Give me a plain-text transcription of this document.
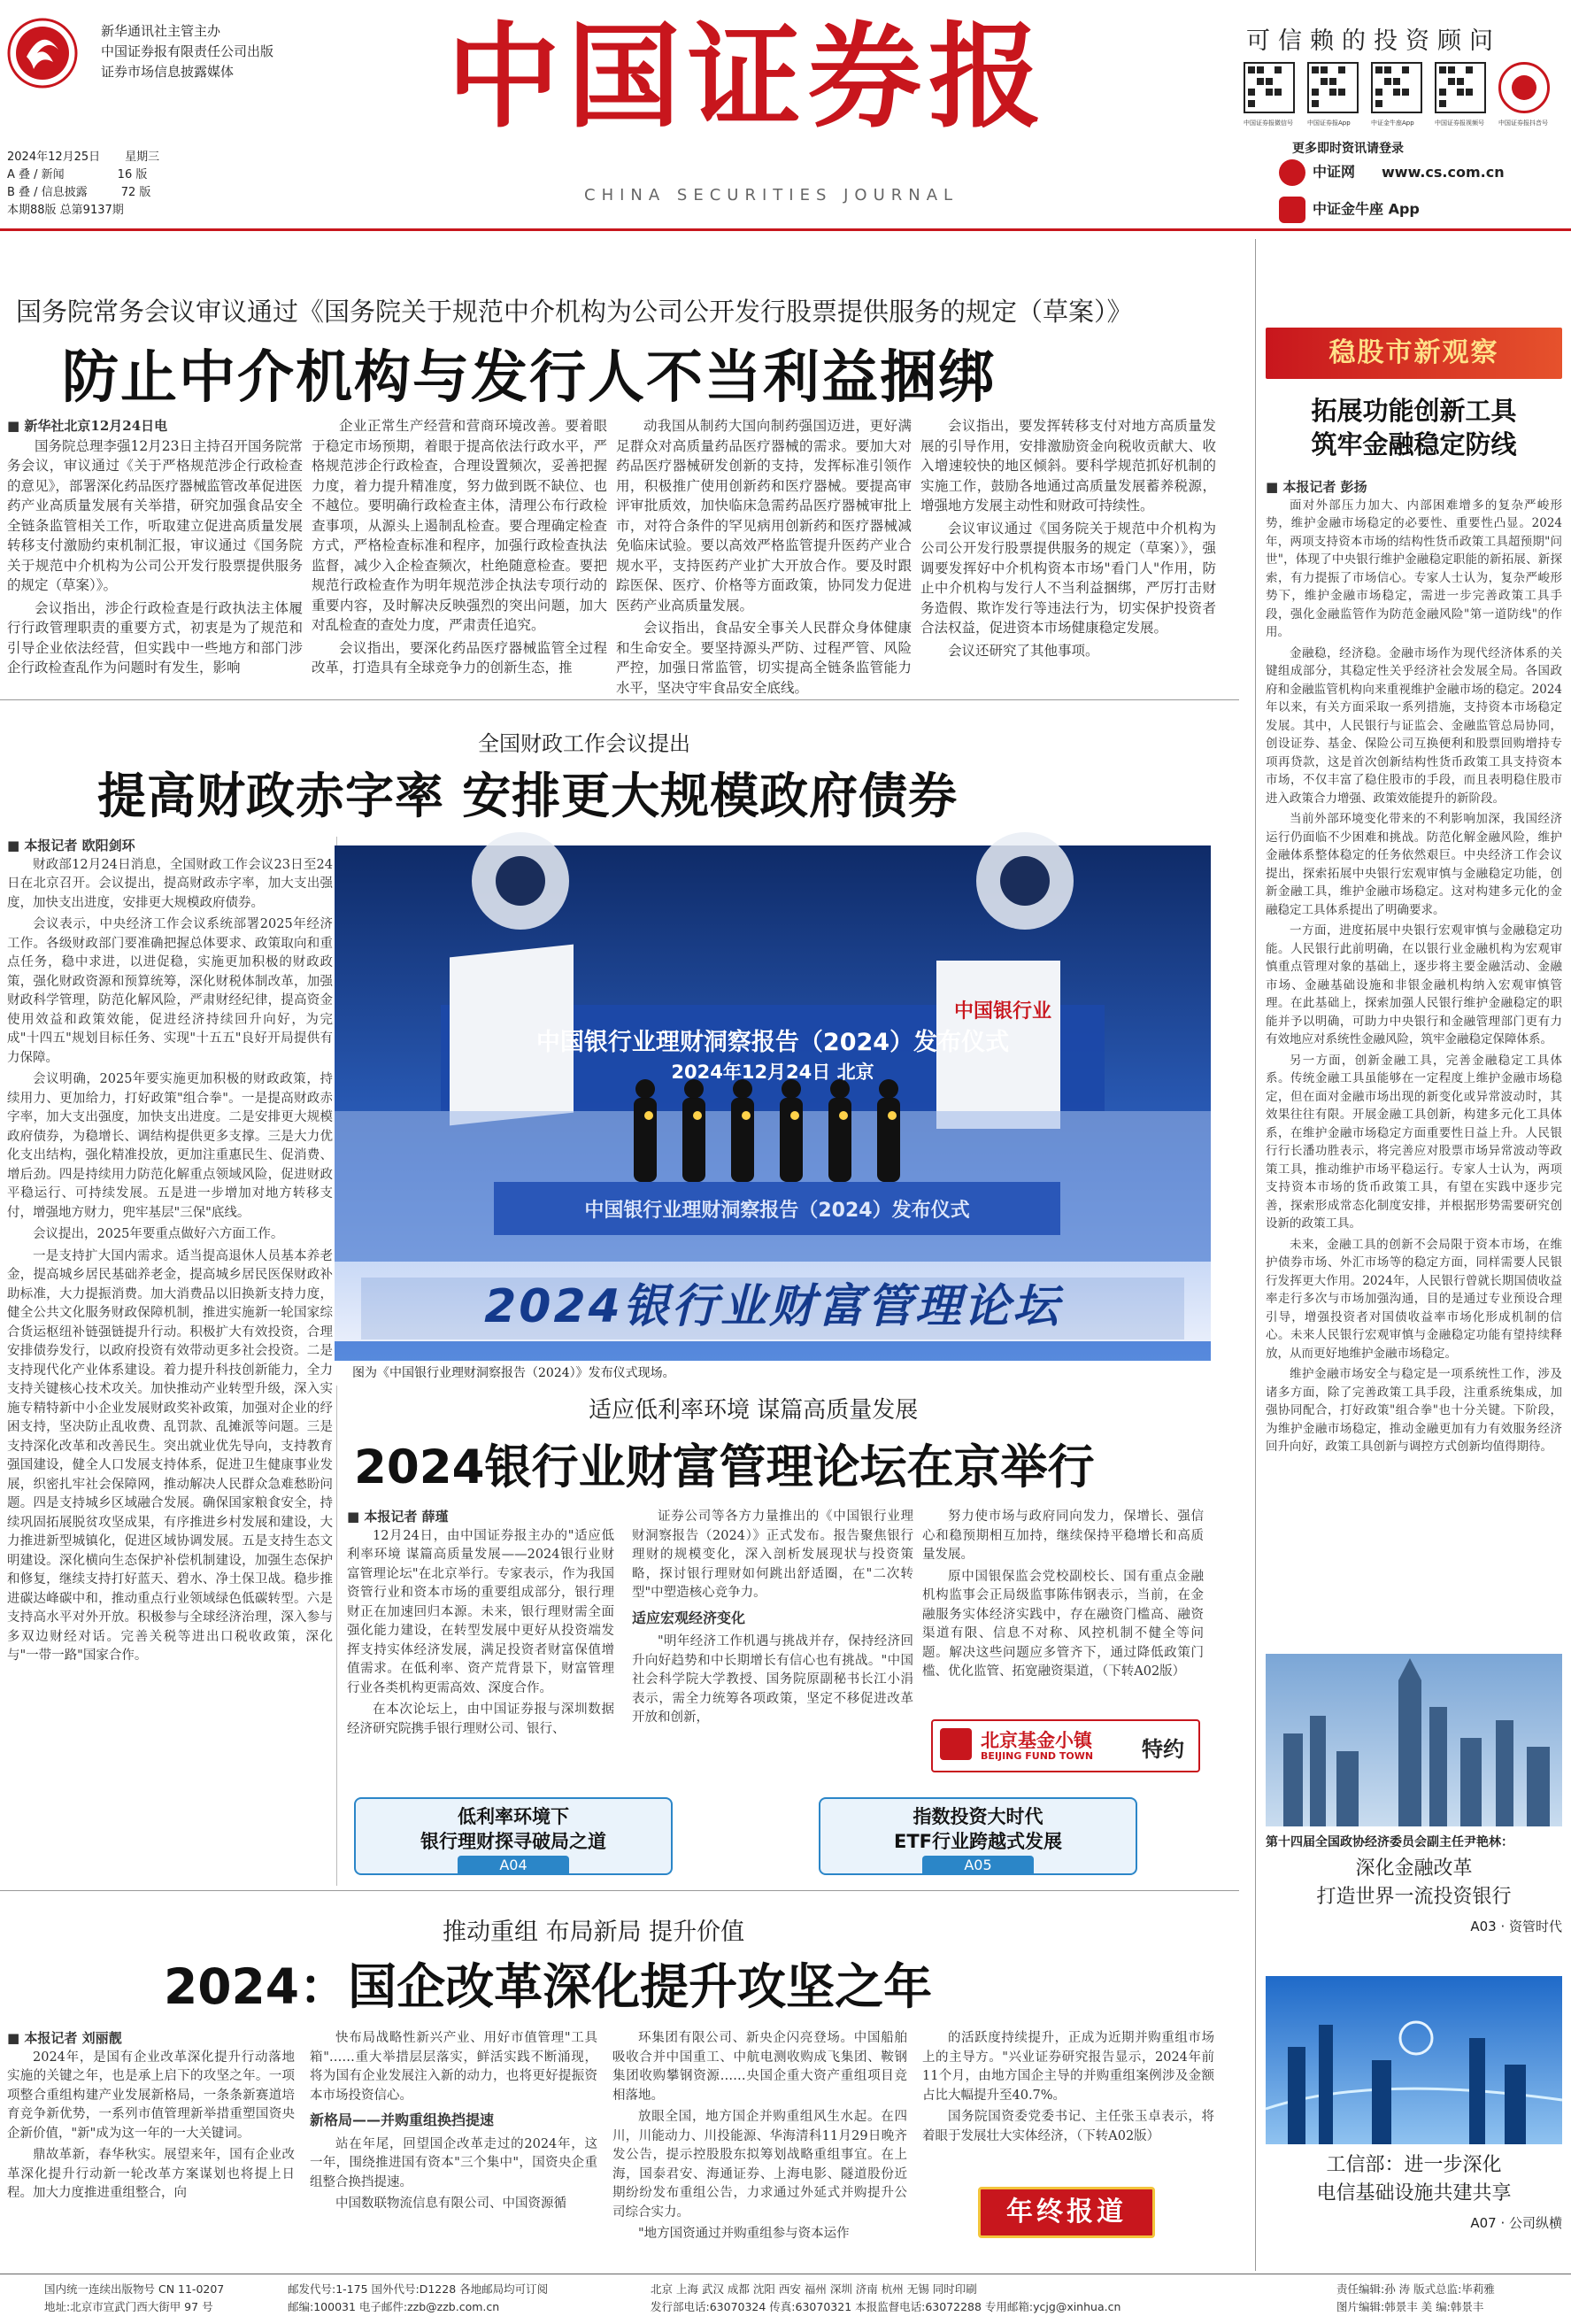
新华通讯社主管主办
中国证券报有限责任公司出版
证券市场信息披露媒体	中国证券报
CHINA SECURITIES JOURNAL
2024年12月25日 星期三
A 叠 / 新闻	16 版
B 叠 / 信息披露	72 版
本期88版 总第9137期
可信赖的投资顾问
中国证券报微信号	中国证券报App	中证金牛座App	中国证券报视频号	中国证券报抖音号
更多即时资讯请登录
中证网 www.cs.com.cn
中证金牛座 App
国务院常务会议审议通过《国务院关于规范中介机构为公司公开发行股票提供服务的规定（草案）》
防止中介机构与发行人不当利益捆绑
■ 新华社北京12月24日电

国务院总理李强12月23日主持召开国务院常务会议，审议通过《关于严格规范涉企行政检查的意见》，部署深化药品医疗器械监管改革促进医药产业高质量发展有关举措，研究加强食品安全全链条监管相关工作，听取建立促进高质量发展转移支付激励约束机制汇报，审议通过《国务院关于规范中介机构为公司公开发行股票提供服务的规定（草案）》。

会议指出，涉企行政检查是行政执法主体履行行政管理职责的重要方式，初衷是为了规范和引导企业依法经营，但实践中一些地方和部门涉企行政检查乱作为问题时有发生，影响

企业正常生产经营和营商环境改善。要着眼于稳定市场预期，着眼于提高依法行政水平，严格规范涉企行政检查，合理设置频次，妥善把握力度，着力提升精准度，努力做到既不缺位、也不越位。要明确行政检查主体，清理公布行政检查事项，从源头上遏制乱检查。要合理确定检查方式，严格检查标准和程序，加强行政检查执法监督，减少入企检查频次，杜绝随意检查。要把规范行政检查作为明年规范涉企执法专项行动的重要内容，及时解决反映强烈的突出问题，加大对乱检查的查处力度，严肃责任追究。

会议指出，要深化药品医疗器械监管全过程改革，打造具有全球竞争力的创新生态，推

动我国从制药大国向制药强国迈进，更好满足群众对高质量药品医疗器械的需求。要加大对药品医疗器械研发创新的支持，发挥标准引领作用，积极推广使用创新药和医疗器械。要提高审评审批质效，加快临床急需药品医疗器械审批上市，对符合条件的罕见病用创新药和医疗器械减免临床试验。要以高效严格监管提升医药产业合规水平，支持医药产业扩大开放合作。要及时跟踪医保、医疗、价格等方面政策，协同发力促进医药产业高质量发展。

会议指出，食品安全事关人民群众身体健康和生命安全。要坚持源头严防、过程严管、风险严控，加强日常监管，切实提高全链条监管能力水平，坚决守牢食品安全底线。

会议指出，要发挥转移支付对地方高质量发展的引导作用，安排激励资金向税收贡献大、收入增速较快的地区倾斜。要科学规范抓好机制的实施工作，鼓励各地通过高质量发展蓄养税源，增强地方发展主动性和财政可持续性。

会议审议通过《国务院关于规范中介机构为公司公开发行股票提供服务的规定（草案）》，强调要发挥好中介机构资本市场"看门人"作用，防止中介机构与发行人不当利益捆绑，严厉打击财务造假、欺诈发行等违法行为，切实保护投资者合法权益，促进资本市场健康稳定发展。

会议还研究了其他事项。

全国财政工作会议提出
提高财政赤字率 安排更大规模政府债券
■ 本报记者 欧阳剑环

财政部12月24日消息，全国财政工作会议23日至24日在北京召开。会议提出，提高财政赤字率，加大支出强度，加快支出进度，安排更大规模政府债券。

会议表示，中央经济工作会议系统部署2025年经济工作。各级财政部门要准确把握总体要求、政策取向和重点任务，稳中求进，以进促稳，实施更加积极的财政政策，强化财政资源和预算统筹，深化财税体制改革，加强财政科学管理，防范化解风险，严肃财经纪律，提高资金使用效益和政策效能，促进经济持续回升向好，为完成"十四五"规划目标任务、实现"十五五"良好开局提供有力保障。

会议明确，2025年要实施更加积极的财政政策，持续用力、更加给力，打好政策"组合拳"。一是提高财政赤字率，加大支出强度，加快支出进度。二是安排更大规模政府债券，为稳增长、调结构提供更多支撑。三是大力优化支出结构，强化精准投放，更加注重惠民生、促消费、增后劲。四是持续用力防范化解重点领域风险，促进财政平稳运行、可持续发展。五是进一步增加对地方转移支付，增强地方财力，兜牢基层"三保"底线。

会议提出，2025年要重点做好六方面工作。

一是支持扩大国内需求。适当提高退休人员基本养老金，提高城乡居民基础养老金，提高城乡居民医保财政补助标准，大力提振消费。加大消费品以旧换新支持力度，健全公共文化服务财政保障机制，推进实施新一轮国家综合货运枢纽补链强链提升行动。积极扩大有效投资，合理安排债券发行，以政府投资有效带动更多社会投资。二是支持现代化产业体系建设。着力提升科技创新能力，全力支持关键核心技术攻关。加快推动产业转型升级，深入实施专精特新中小企业发展财政奖补政策，加强对企业的纾困支持，坚决防止乱收费、乱罚款、乱摊派等问题。三是支持深化改革和改善民生。突出就业优先导向，支持教育强国建设，健全人口发展支持体系，促进卫生健康事业发展，织密扎牢社会保障网，推动解决人民群众急难愁盼问题。四是支持城乡区域融合发展。确保国家粮食安全，持续巩固拓展脱贫攻坚成果，有序推进乡村发展和建设，大力推进新型城镇化，促进区域协调发展。五是支持生态文明建设。深化横向生态保护补偿机制建设，加强生态保护和修复，继续支持打好蓝天、碧水、净土保卫战。稳步推进碳达峰碳中和，推动重点行业领域绿色低碳转型。六是支持高水平对外开放。积极参与全球经济治理，深入参与多双边财经对话。完善关税等进出口税收政策，深化与"一带一路"国家合作。

中国银行业理财洞察报告（2024）发布仪式
2024年12月24日 北京
中国银行业
中国银行业理财洞察报告（2024）发布仪式
2024银行业财富管理论坛
图为《中国银行业理财洞察报告（2024）》发布仪式现场。
适应低利率环境 谋篇高质量发展
2024银行业财富管理论坛在京举行
■ 本报记者 薛瑾

12月24日，由中国证券报主办的"适应低利率环境 谋篇高质量发展——2024银行业财富管理论坛"在北京举行。专家表示，作为我国资管行业和资本市场的重要组成部分，银行理财正在加速回归本源。未来，银行理财需全面强化能力建设，在转型发展中更好从投资端发挥支持实体经济发展，满足投资者财富保值增值需求。在低利率、资产荒背景下，财富管理行业各类机构更需高效、深度合作。

在本次论坛上，由中国证券报与深圳数据经济研究院携手银行理财公司、银行、

证券公司等各方力量推出的《中国银行业理财洞察报告（2024）》正式发布。报告聚焦银行理财的规模变化，深入剖析发展现状与投资策略，探讨银行理财如何跳出舒适圈，在"二次转型"中塑造核心竞争力。

适应宏观经济变化

"明年经济工作机遇与挑战并存，保持经济回升向好趋势和中长期增长有信心也有挑战。"中国社会科学院大学教授、国务院原副秘书长江小涓表示，需全力统筹各项政策，坚定不移促进改革开放和创新，

努力使市场与政府同向发力，保增长、强信心和稳预期相互加持，继续保持平稳增长和高质量发展。

原中国银保监会党校副校长、国有重点金融机构监事会正局级监事陈伟钢表示，当前，在金融服务实体经济实践中，存在融资门槛高、融资渠道有限、信息不对称、风控机制不健全等问题。解决这些问题应多管齐下，通过降低政策门槛、优化监管、拓宽融资渠道，（下转A02版）

北京基金小镇
BEIJING FUND TOWN 特约
低利率环境下
银行理财探寻破局之道
A04
指数投资大时代
ETF行业跨越式发展
A05
推动重组 布局新局 提升价值
2024：国企改革深化提升攻坚之年
■ 本报记者 刘丽靓

2024年，是国有企业改革深化提升行动落地实施的关键之年，也是承上启下的攻坚之年。一项项整合重组构建产业发展新格局，一条条新赛道培育竞争新优势，一系列市值管理新举措重塑国资央企新价值，"新"成为这一年的一大关键词。

鼎故革新，春华秋实。展望来年，国有企业改革深化提升行动新一轮改革方案谋划也将提上日程。加大力度推进重组整合，向

快布局战略性新兴产业、用好市值管理"工具箱"……重大举措层层落实，鲜活实践不断涌现，将为国有企业发展注入新的动力，也将更好提振资本市场投资信心。

新格局——并购重组换挡提速

站在年尾，回望国企改革走过的2024年，这一年，围绕推进国有资本"三个集中"，国资央企重组整合换挡提速。

中国数联物流信息有限公司、中国资源循

环集团有限公司、新央企闪亮登场。中国船舶吸收合并中国重工、中航电测收购成飞集团、鞍钢集团收购攀钢资源……央国企重大资产重组项目竞相落地。

放眼全国，地方国企并购重组风生水起。在四川，川能动力、川投能源、华海清科11月29日晚齐发公告，提示控股股东拟筹划战略重组事宜。在上海，国泰君安、海通证券、上海电影、隧道股份近期纷纷发布重组公告，力求通过外延式并购提升公司综合实力。

"地方国资通过并购重组参与资本运作

的活跃度持续提升，正成为近期并购重组市场上的主导方。"兴业证券研究报告显示，2024年前11个月，由地方国企主导的并购重组案例涉及金额占比大幅提升至40.7%。

国务院国资委党委书记、主任张玉卓表示，将着眼于发展壮大实体经济，（下转A02版）

年终报道
稳股市新观察
拓展功能创新工具
筑牢金融稳定防线
■ 本报记者 彭扬

面对外部压力加大、内部困难增多的复杂严峻形势，维护金融市场稳定的必要性、重要性凸显。2024年，两项支持资本市场的结构性货币政策工具超预期"问世"，体现了中央银行维护金融稳定职能的新拓展、新探索，有力提振了市场信心。专家人士认为，复杂严峻形势下，维护金融市场稳定，需进一步完善政策工具手段，强化金融监管作为防范金融风险"第一道防线"的作用。

金融稳，经济稳。金融市场作为现代经济体系的关键组成部分，其稳定性关乎经济社会发展全局。各国政府和金融监管机构向来重视维护金融市场的稳定。2024年以来，有关方面采取一系列措施，支持资本市场稳定发展。其中，人民银行与证监会、金融监管总局协同，创设证券、基金、保险公司互换便利和股票回购增持专项再贷款，这是首次创新结构性货币政策工具支持资本市场，不仅丰富了稳住股市的手段，而且表明稳住股市进入政策合力增强、政策效能提升的新阶段。

当前外部环境变化带来的不利影响加深，我国经济运行仍面临不少困难和挑战。防范化解金融风险，维护金融体系整体稳定的任务依然艰巨。中央经济工作会议提出，探索拓展中央银行宏观审慎与金融稳定功能，创新金融工具，维护金融市场稳定。这对构建多元化的金融稳定工具体系提出了明确要求。

一方面，进度拓展中央银行宏观审慎与金融稳定功能。人民银行此前明确，在以银行业金融机构为宏观审慎重点管理对象的基础上，逐步将主要金融活动、金融市场、金融基础设施和非银金融机构纳入宏观审慎管理。在此基础上，探索加强人民银行维护金融稳定的职能并予以明确，可助力中央银行和金融管理部门更有力有效地应对系统性金融风险，筑牢金融稳定保障体系。

另一方面，创新金融工具，完善金融稳定工具体系。传统金融工具虽能够在一定程度上维护金融市场稳定，但在面对金融市场出现的新变化或异常波动时，其效果往往有限。开展金融工具创新，构建多元化工具体系，在维护金融市场稳定方面重要性日益上升。人民银行行长潘功胜表示，将完善应对股票市场异常波动等政策工具，推动维护市场平稳运行。专家人士认为，两项支持资本市场的货币政策工具，有望在实践中逐步完善，探索形成常态化制度安排，并根据形势需要研究创设新的政策工具。

未来，金融工具的创新不会局限于资本市场，在维护债券市场、外汇市场等的稳定方面，同样需要人民银行发挥更大作用。2024年，人民银行曾就长期国债收益率走行多次与市场加强沟通，目的是通过专业预设合理引导，增强投资者对国债收益率市场化形成机制的信心。未来人民银行宏观审慎与金融稳定功能有望持续释放，从而更好地维护金融市场稳定。

维护金融市场安全与稳定是一项系统性工作，涉及诸多方面，除了完善政策工具手段，注重系统集成，加强协同配合，打好政策"组合拳"也十分关键。下阶段，为维护金融市场稳定，推动金融更加有力有效服务经济回升向好，政策工具创新与调控方式创新均值得期待。

第十四届全国政协经济委员会副主任尹艳林：
深化金融改革
打造世界一流投资银行
A03 · 资管时代
工信部：进一步深化
电信基础设施共建共享
A07 · 公司纵横
国内统一连续出版物号 CN 11-0207
地址:北京市宣武门西大街甲 97 号
邮发代号:1-175 国外代号:D1228 各地邮局均可订阅
邮编:100031 电子邮件:zzb@zzb.com.cn
北京 上海 武汉 成都 沈阳 西安 福州 深圳 济南 杭州 无锡 同时印刷
发行部电话:63070324 传真:63070321 本报监督电话:63072288 专用邮箱:ycjg@xinhua.cn
责任编辑:孙 涛 版式总监:毕莉雅
图片编辑:韩景丰 美 编:韩景丰
